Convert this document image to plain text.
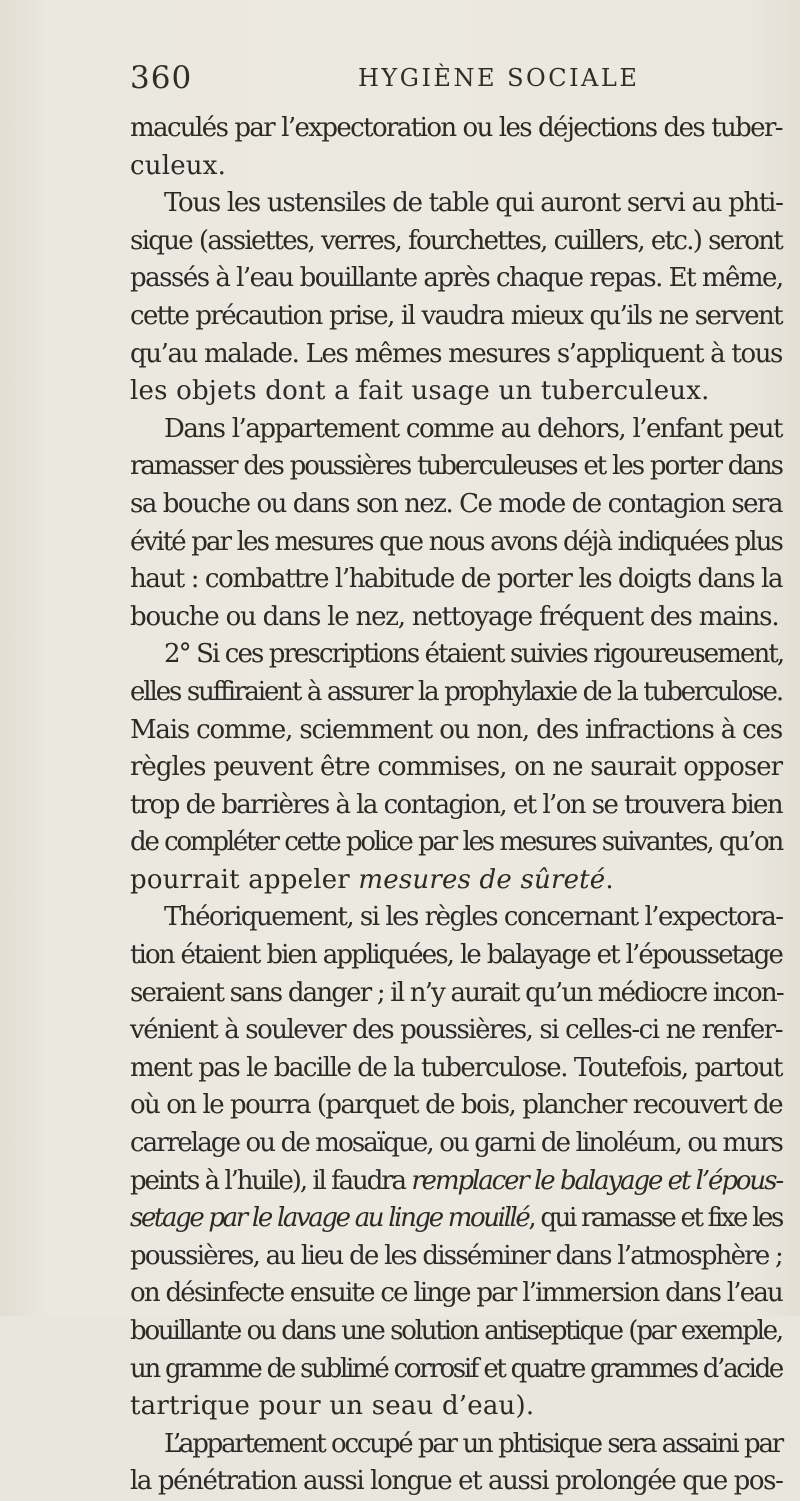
360	HYGIÈNE SOCIALE
maculés par l’expectoration ou les déjections des tuber-
culeux.
Tous les ustensiles de table qui auront servi au phti-
sique (assiettes, verres, fourchettes, cuillers, etc.) seront
passés à l’eau bouillante après chaque repas. Et même,
cette précaution prise, il vaudra mieux qu’ils ne servent
qu’au malade. Les mêmes mesures s’appliquent à tous
les objets dont a fait usage un tuberculeux.
Dans l’appartement comme au dehors, l’enfant peut
ramasser des poussières tuberculeuses et les porter dans
sa bouche ou dans son nez. Ce mode de contagion sera
évité par les mesures que nous avons déjà indiquées plus
haut : combattre l’habitude de porter les doigts dans la
bouche ou dans le nez, nettoyage fréquent des mains.
2° Si ces prescriptions étaient suivies rigoureusement,
elles suffiraient à assurer la prophylaxie de la tuberculose.
Mais comme, sciemment ou non, des infractions à ces
règles peuvent être commises, on ne saurait opposer
trop de barrières à la contagion, et l’on se trouvera bien
de compléter cette police par les mesures suivantes, qu’on
pourrait appeler mesures de sûreté.
Théoriquement, si les règles concernant l’expectora-
tion étaient bien appliquées, le balayage et l’époussetage
seraient sans danger ; il n’y aurait qu’un médiocre incon-
vénient à soulever des poussières, si celles-ci ne renfer-
ment pas le bacille de la tuberculose. Toutefois, partout
où on le pourra (parquet de bois, plancher recouvert de
carrelage ou de mosaïque, ou garni de linoléum, ou murs
peints à l’huile), il faudra remplacer le balayage et l’épous-
setage par le lavage au linge mouillé, qui ramasse et fixe les
poussières, au lieu de les disséminer dans l’atmosphère ;
on désinfecte ensuite ce linge par l’immersion dans l’eau
bouillante ou dans une solution antiseptique (par exemple,
un gramme de sublimé corrosif et quatre grammes d’acide
tartrique pour un seau d’eau).
L’appartement occupé par un phtisique sera assaini par
la pénétration aussi longue et aussi prolongée que pos-
